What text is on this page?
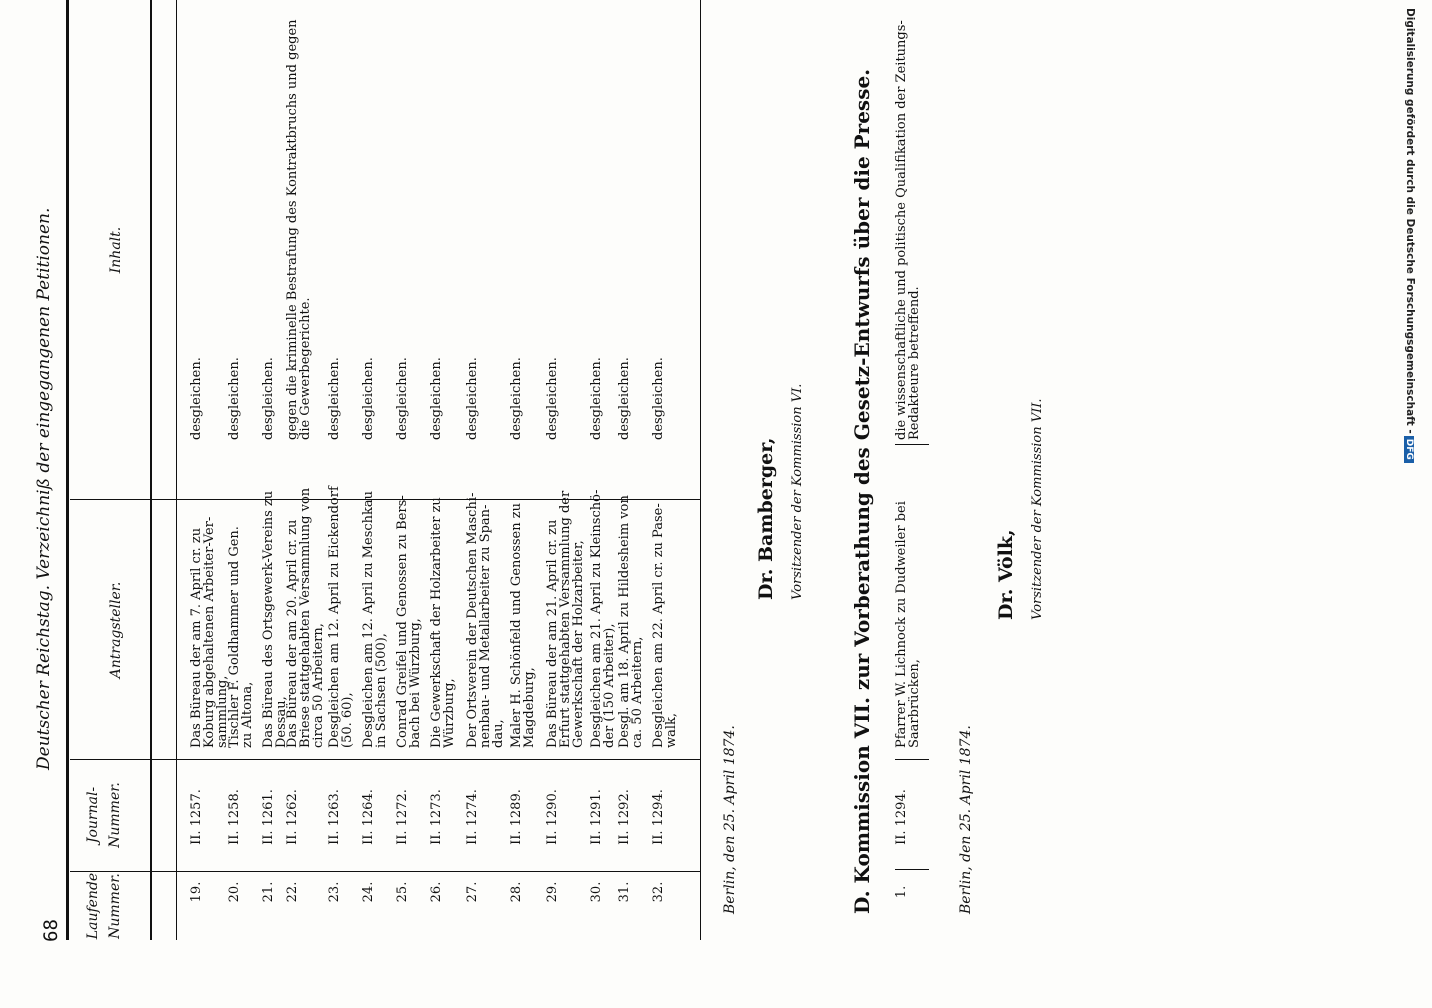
68
Deutscher Reichstag. Verzeichniß der eingegangenen Petitionen.
Laufende Nummer.
Journal-Nummer.
Antragsteller.
Inhalt.
19.
II. 1257.
Das Büreau der am 7. April cr. zu
Koburg abgehaltenen Arbeiter-Ver-
sammlung,
desgleichen.
20.
II. 1258.
Tischler F. Goldhammer und Gen.
zu Altona,
desgleichen.
21.
II. 1261.
Das Büreau des Ortsgewerk-Vereins zu
Dessau,
desgleichen.
22.
II. 1262.
Das Büreau der am 20. April cr. zu
Briese stattgehabten Versammlung von
circa 50 Arbeitern,
gegen die kriminelle Bestrafung des Kontraktbruchs und gegen
die Gewerbegerichte.
23.
II. 1263.
Desgleichen am 12. April zu Eickendorf
(50. 60),
desgleichen.
24.
II. 1264.
Desgleichen am 12. April zu Meschkau
in Sachsen (500),
desgleichen.
25.
II. 1272.
Conrad Greifel und Genossen zu Bers-
bach bei Würzburg,
desgleichen.
26.
II. 1273.
Die Gewerkschaft der Holzarbeiter zu
Würzburg,
desgleichen.
27.
II. 1274.
Der Ortsverein der Deutschen Maschi-
nenbau- und Metallarbeiter zu Span-
dau,
desgleichen.
28.
II. 1289.
Maler H. Schönfeld und Genossen zu
Magdeburg,
desgleichen.
29.
II. 1290.
Das Büreau der am 21. April cr. zu
Erfurt stattgehabten Versammlung der
Gewerkschaft der Holzarbeiter,
desgleichen.
30.
II. 1291.
Desgleichen am 21. April zu Kleinschö-
der (150 Arbeiter),
desgleichen.
31.
II. 1292.
Desgl. am 18. April zu Hildesheim von
ca. 50 Arbeitern,
desgleichen.
32.
II. 1294.
Desgleichen am 22. April cr. zu Pase-
walk,
desgleichen.
Berlin, den 25. April 1874.
Dr. Bamberger, Vorsitzender der Kommission VI. D. Kommission VII. zur Vorberathung des Gesetz-Entwurfs über die Presse. 1.
II. 1294.
Pfarrer W. Lichnock zu Dudweiler bei
Saarbrücken,
die wissenschaftliche und politische Qualifikation der Zeitungs-
Redakteure betreffend.
Berlin, den 25. April 1874.
Dr. Völk, Vorsitzender der Kommission VII.
Digitalisierung gefördert durch die Deutsche Forschungsgemeinschaft -DFG
